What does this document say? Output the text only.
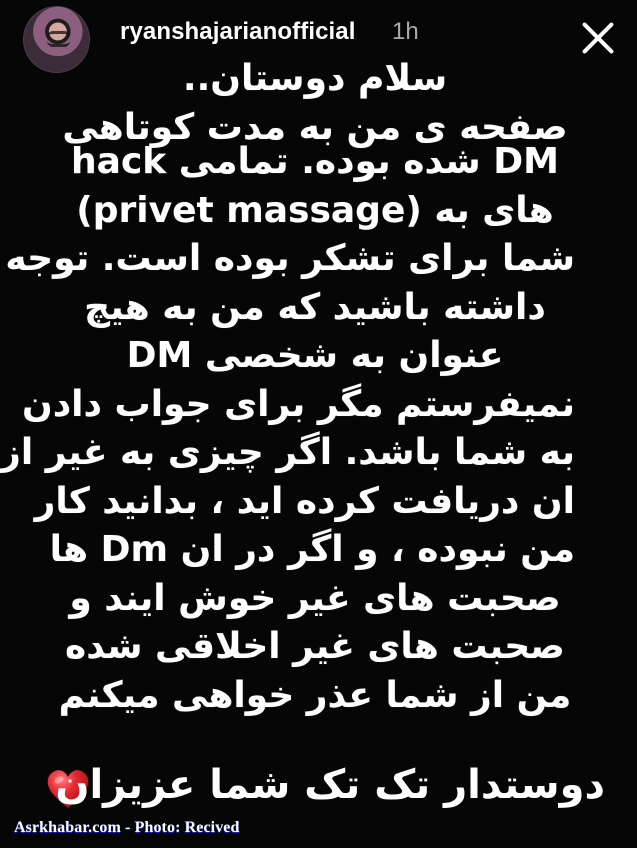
ryanshajarianofficial 1h
سلام دوستان..
صفحه ی من به مدت کوتاهی
hack شده بوده. تمامی DM
(privet massage) های به
شما برای تشکر بوده است. توجه
داشته باشید که من به هیچ
عنوان به شخصی DM
نمیفرستم مگر برای جواب دادن
به شما باشد. اگر چیزی به غیر از
ان دریافت کرده اید ، بدانید کار
من نبوده ، و اگر در ان Dm ها
صحبت های غیر خوش ایند و
صحبت های غیر اخلاقی شده
من از شما عذر خواهی میکنم
دوستدار تک تک شما عزیزان
Asrkhabar.com - Photo: Recived
